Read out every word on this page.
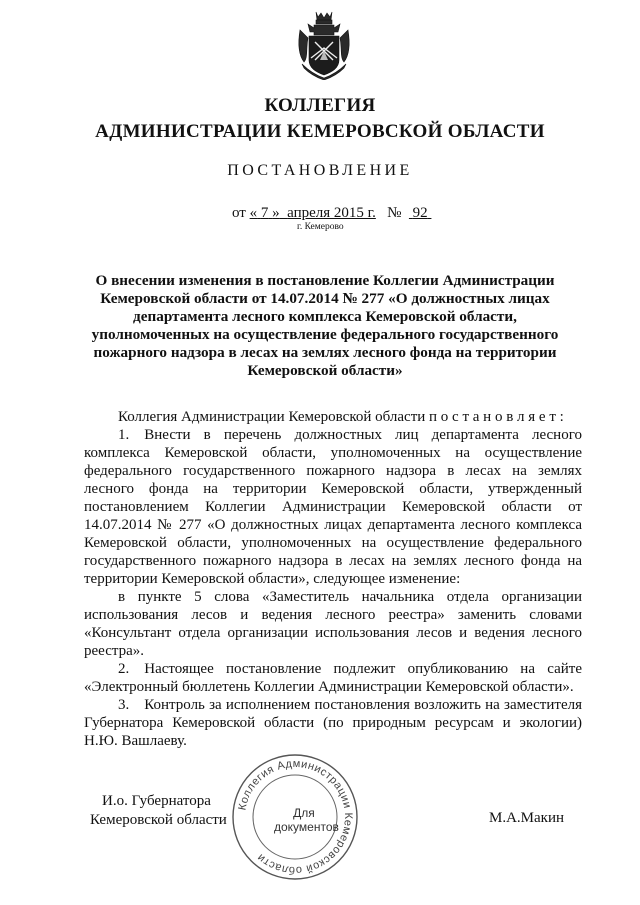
КОЛЛЕГИЯ
АДМИНИСТРАЦИИ КЕМЕРОВСКОЙ ОБЛАСТИ
ПОСТАНОВЛЕНИЕ
от « 7 » апреля 2015 г. № 92
г. Кемерово
О внесении изменения в постановление Коллегии Администрации Кемеровской области от 14.07.2014 № 277 «О должностных лицах департамента лесного комплекса Кемеровской области, уполномоченных на осуществление федерального государственного пожарного надзора в лесах на землях лесного фонда на территории Кемеровской области»

Коллегия Администрации Кемеровской области п о с т а н о в л я е т :

1. Внести в перечень должностных лиц департамента лесного комплекса Кемеровской области, уполномоченных на осуществление федерального государственного пожарного надзора в лесах на землях лесного фонда на территории Кемеровской области, утвержденный постановлением Коллегии Администрации Кемеровской области от 14.07.2014 № 277 «О должностных лицах департамента лесного комплекса Кемеровской области, уполномоченных на осуществление федерального государственного пожарного надзора в лесах на землях лесного фонда на территории Кемеровской области», следующее изменение:

в пункте 5 слова «Заместитель начальника отдела организации использования лесов и ведения лесного реестра» заменить словами «Консультант отдела организации использования лесов и ведения лесного реестра».

2. Настоящее постановление подлежит опубликованию на сайте «Электронный бюллетень Коллегии Администрации Кемеровской области».

3. Контроль за исполнением постановления возложить на заместителя Губернатора Кемеровской области (по природным ресурсам и экологии) Н.Ю. Вашлаеву.

И.о. Губернатора
Кемеровской области	М.А.Макин
Коллегия Администрации Кемеровской области
Для
документов
